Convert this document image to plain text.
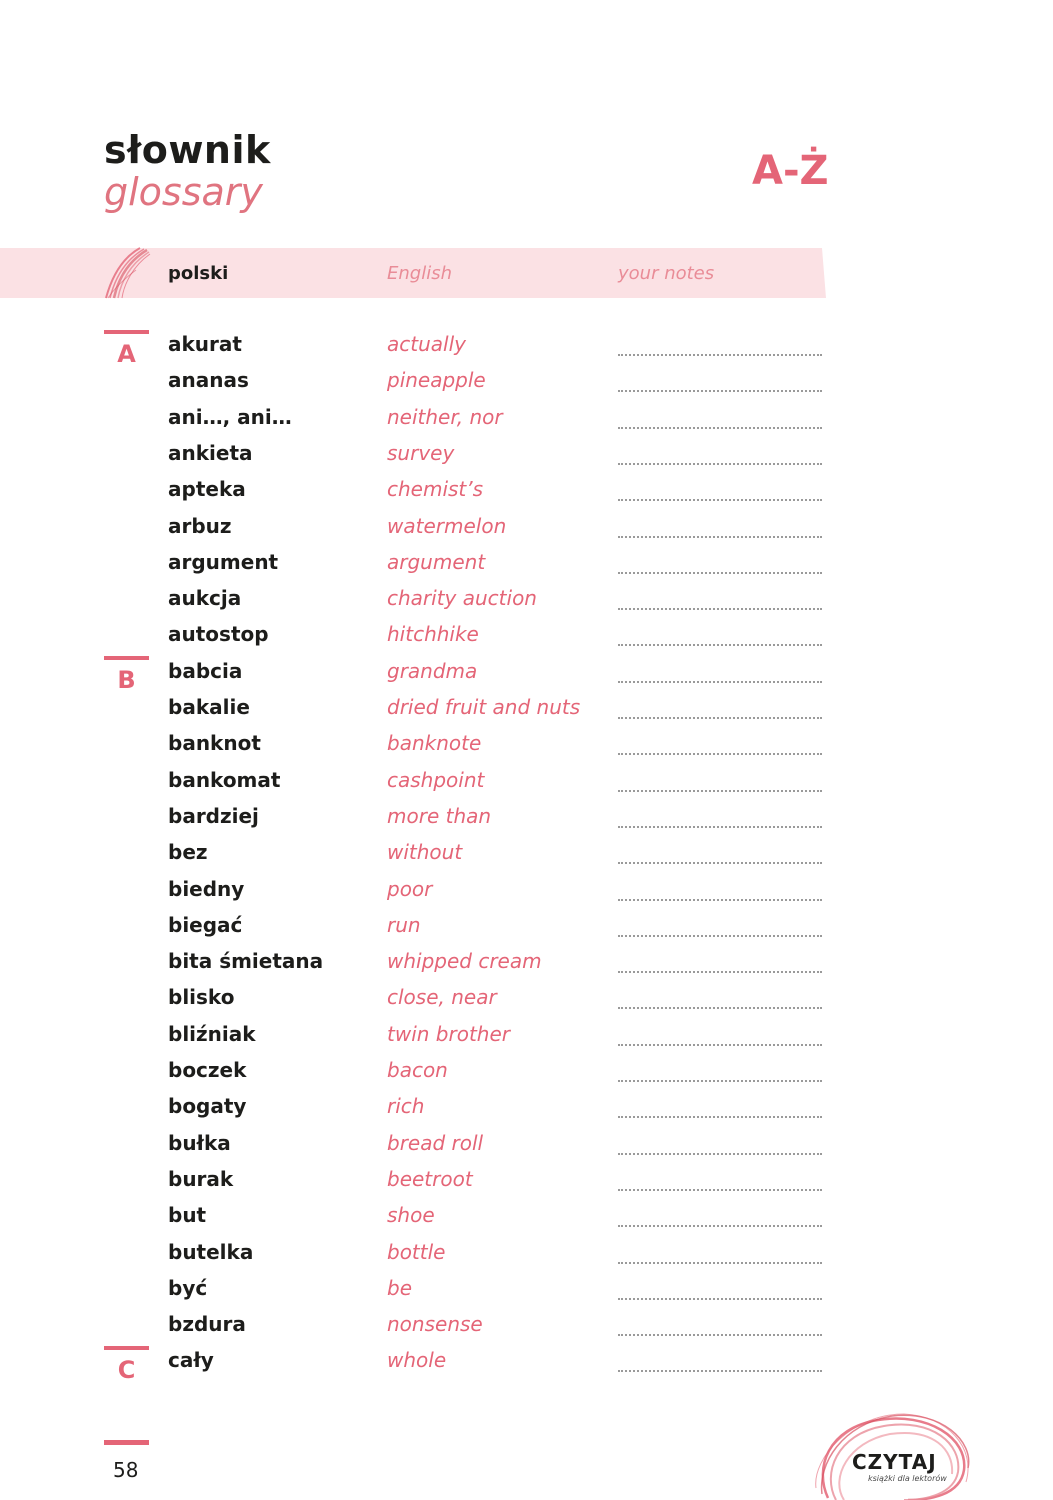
słownik
glossary	A-Ż
polski	English	your notes
A
B
C
akurat	actually
ananas	pineapple
ani…, ani…	neither, nor
ankieta	survey
apteka	chemist’s
arbuz	watermelon
argument	argument
aukcja	charity auction
autostop	hitchhike
babcia	grandma
bakalie	dried fruit and nuts
banknot	banknote
bankomat	cashpoint
bardziej	more than
bez	without
biedny	poor
biegać	run
bita śmietana	whipped cream
blisko	close, near
bliźniak	twin brother
boczek	bacon
bogaty	rich
bułka	bread roll
burak	beetroot
but	shoe
butelka	bottle
być	be
bzdura	nonsense
cały	whole
58	CZYTAJ
książki dla lektorów
